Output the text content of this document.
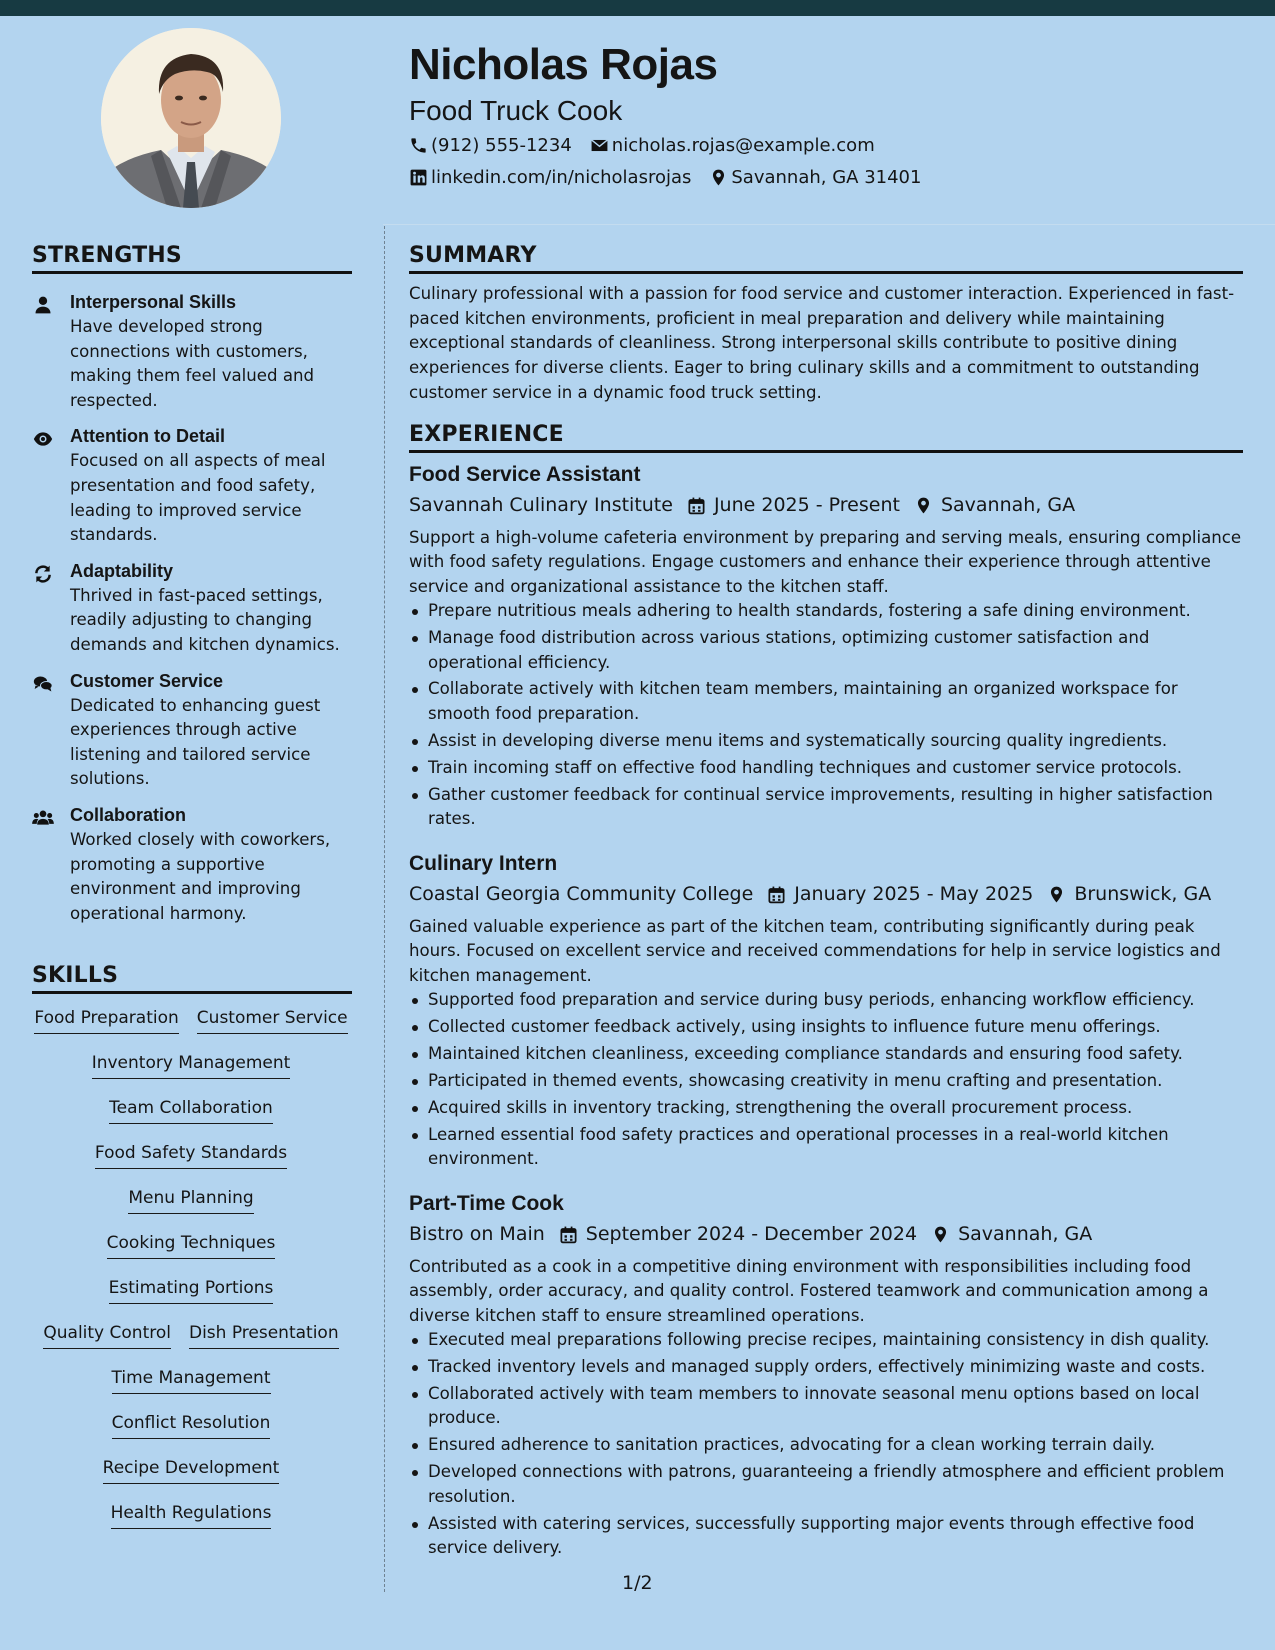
Nicholas Rojas
Food Truck Cook
(912) 555-1234 nicholas.rojas@example.com
linkedin.com/in/nicholasrojas Savannah, GA 31401
STRENGTHS
Interpersonal Skills
Have developed strong connections with customers, making them feel valued and respected.
Attention to Detail
Focused on all aspects of meal presentation and food safety, leading to improved service standards.
Adaptability
Thrived in fast-paced settings, readily adjusting to changing demands and kitchen dynamics.
Customer Service
Dedicated to enhancing guest experiences through active listening and tailored service solutions.
Collaboration
Worked closely with coworkers, promoting a supportive environment and improving operational harmony.
SKILLS
Food Preparation Customer Service
Inventory Management
Team Collaboration
Food Safety Standards
Menu Planning
Cooking Techniques
Estimating Portions
Quality Control Dish Presentation
Time Management
Conflict Resolution
Recipe Development
Health Regulations
SUMMARY
Culinary professional with a passion for food service and customer interaction. Experienced in fast-paced kitchen environments, proficient in meal preparation and delivery while maintaining exceptional standards of cleanliness. Strong interpersonal skills contribute to positive dining experiences for diverse clients. Eager to bring culinary skills and a commitment to outstanding customer service in a dynamic food truck setting.
EXPERIENCE
Food Service Assistant
Savannah Culinary Institute June 2025 - Present Savannah, GA
Support a high-volume cafeteria environment by preparing and serving meals, ensuring compliance with food safety regulations. Engage customers and enhance their experience through attentive service and organizational assistance to the kitchen staff.
Prepare nutritious meals adhering to health standards, fostering a safe dining environment.
Manage food distribution across various stations, optimizing customer satisfaction and operational efficiency.
Collaborate actively with kitchen team members, maintaining an organized workspace for smooth food preparation.
Assist in developing diverse menu items and systematically sourcing quality ingredients.
Train incoming staff on effective food handling techniques and customer service protocols.
Gather customer feedback for continual service improvements, resulting in higher satisfaction rates.
Culinary Intern
Coastal Georgia Community College January 2025 - May 2025 Brunswick, GA
Gained valuable experience as part of the kitchen team, contributing significantly during peak hours. Focused on excellent service and received commendations for help in service logistics and kitchen management.
Supported food preparation and service during busy periods, enhancing workflow efficiency.
Collected customer feedback actively, using insights to influence future menu offerings.
Maintained kitchen cleanliness, exceeding compliance standards and ensuring food safety.
Participated in themed events, showcasing creativity in menu crafting and presentation.
Acquired skills in inventory tracking, strengthening the overall procurement process.
Learned essential food safety practices and operational processes in a real-world kitchen environment.
Part-Time Cook
Bistro on Main September 2024 - December 2024 Savannah, GA
Contributed as a cook in a competitive dining environment with responsibilities including food assembly, order accuracy, and quality control. Fostered teamwork and communication among a diverse kitchen staff to ensure streamlined operations.
Executed meal preparations following precise recipes, maintaining consistency in dish quality.
Tracked inventory levels and managed supply orders, effectively minimizing waste and costs.
Collaborated actively with team members to innovate seasonal menu options based on local produce.
Ensured adherence to sanitation practices, advocating for a clean working terrain daily.
Developed connections with patrons, guaranteeing a friendly atmosphere and efficient problem resolution.
Assisted with catering services, successfully supporting major events through effective food service delivery.
1/2
